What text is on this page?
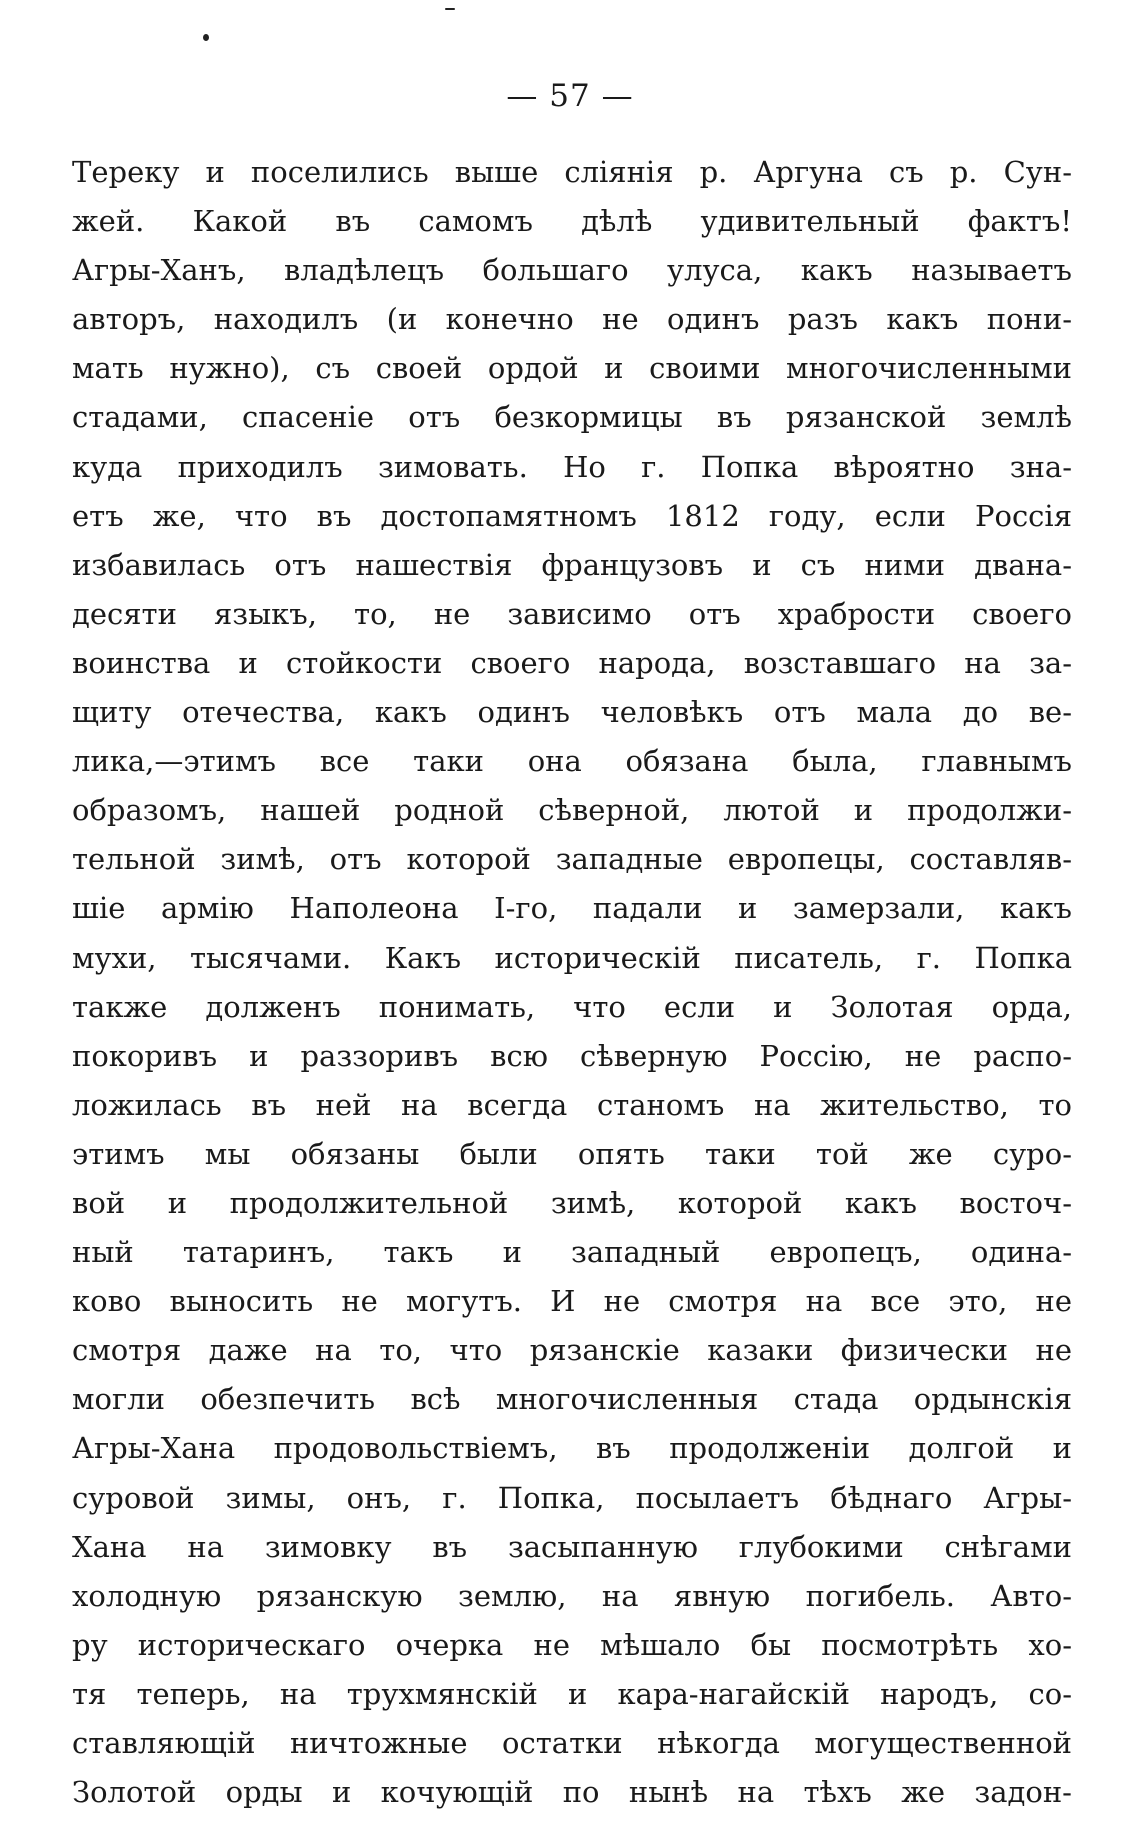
— 57 —
Тереку и поселились выше сліянія р. Аргуна съ р. Сун-
жей. Какой въ самомъ дѣлѣ удивительный фактъ!
Агры-Ханъ, владѣлецъ большаго улуса, какъ называетъ
авторъ, находилъ (и конечно не одинъ разъ какъ пони-
мать нужно), съ своей ордой и своими многочисленными
стадами, спасеніе отъ безкормицы въ рязанской землѣ
куда приходилъ зимовать. Но г. Попка вѣроятно зна-
етъ же, что въ достопамятномъ 1812 году, если Россія
избавилась отъ нашествія французовъ и съ ними двана-
десяти языкъ, то, не зависимо отъ храбрости своего
воинства и стойкости своего народа, возставшаго на за-
щиту отечества, какъ одинъ человѣкъ отъ мала до ве-
лика,—этимъ все таки она обязана была, главнымъ
образомъ, нашей родной сѣверной, лютой и продолжи-
тельной зимѣ, отъ которой западные европецы, составляв-
шіе армію Наполеона І-го, падали и замерзали, какъ
мухи, тысячами. Какъ историческій писатель, г. Попка
также долженъ понимать, что если и Золотая орда,
покоривъ и раззоривъ всю сѣверную Россію, не распо-
ложилась въ ней на всегда станомъ на жительство, то
этимъ мы обязаны были опять таки той же суро-
вой и продолжительной зимѣ, которой какъ восточ-
ный татаринъ, такъ и западный европецъ, одина-
ково выносить не могутъ. И не смотря на все это, не
смотря даже на то, что рязанскіе казаки физически не
могли обезпечить всѣ многочисленныя стада ордынскія
Агры-Хана продовольствіемъ, въ продолженіи долгой и
суровой зимы, онъ, г. Попка, посылаетъ бѣднаго Агры-
Хана на зимовку въ засыпанную глубокими снѣгами
холодную рязанскую землю, на явную погибель. Авто-
ру историческаго очерка не мѣшало бы посмотрѣть хо-
тя теперь, на трухмянскій и кара-нагайскій народъ, со-
ставляющій ничтожные остатки нѣкогда могущественной
Золотой орды и кочующій по нынѣ на тѣхъ же задон-
